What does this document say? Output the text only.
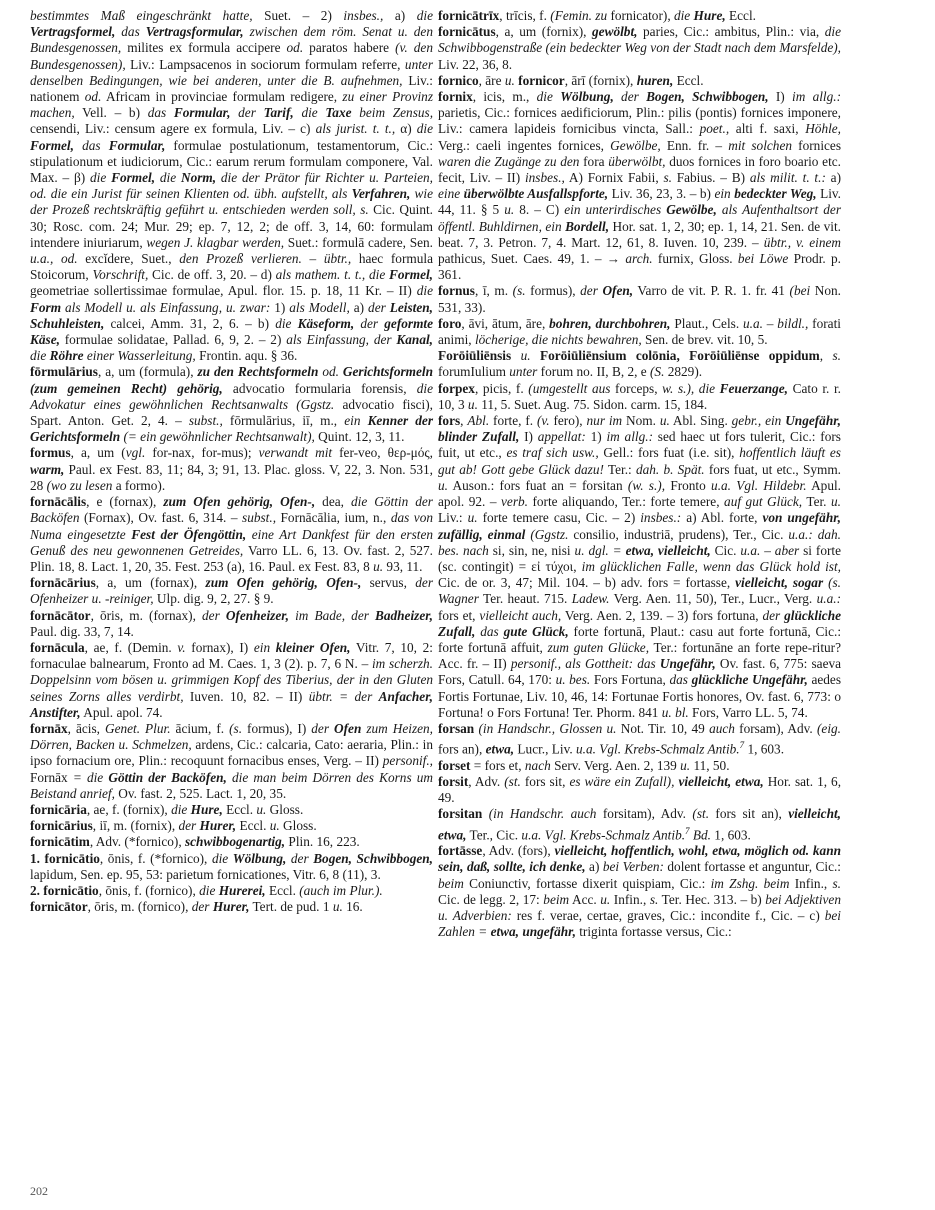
bestimmtes Maß eingeschränkt hatte, Suet. – 2) insbes., a) die Vertragsformel, das Vertragsformular, zwischen dem röm. Senat u. den Bundesgenossen, milites ex formula accipere od. paratos habere (v. den Bundesgenossen), Liv.: Lampsacenos in sociorum formulam referre, unter denselben Bedingungen, wie bei anderen, unter die B. aufnehmen, Liv.: nationem od. Africam in provinciae formulam redigere, zu einer Provinz machen, Vell. – b) das Formular, der Tarif, die Taxe beim Zensus, censendi, Liv.: censum agere ex formula, Liv. – c) als jurist. t. t., α) die Formel, das Formular, formulae postulationum, testamentorum, Cic.: stipulationum et iudiciorum, Cic.: earum rerum formulam componere, Val. Max. – β) die Formel, die Norm, die der Prätor für Richter u. Parteien, od. die ein Jurist für seinen Klienten od. übh. aufstellt, als Verfahren, wie der Prozeß rechtskräftig geführt u. entschieden werden soll, s. Cic. Quint. 30; Rosc. com. 24; Mur. 29; ep. 7, 12, 2; de off. 3, 14, 60: formulam intendere iniuriarum, wegen J. klagbar werden, Suet.: formulā cadere, Sen. u.a., od. excĭdere, Suet., den Prozeß verlieren. – übtr., haec formula Stoicorum, Vorschrift, Cic. de off. 3, 20. – d) als mathem. t. t., die Formel, geometriae sollertissimae formulae, Apul. flor. 15. p. 18, 11 Kr. – II) die Form als Modell u. als Einfassung, u. zwar: 1) als Modell, a) der Leisten, Schuhleisten, calcei, Amm. 31, 2, 6. – b) die Käseform, der geformte Käse, formulae solidatae, Pallad. 6, 9, 2. – 2) als Einfassung, der Kanal, die Röhre einer Wasserleitung, Frontin. aqu. § 36.

fōrmulārius, a, um (formula), zu den Rechtsformeln od. Gerichtsformeln (zum gemeinen Recht) gehörig, advocatio formularia forensis, die Advokatur eines gewöhnlichen Rechtsanwalts (Ggstz. advocatio fisci), Spart. Anton. Get. 2, 4. – subst., fōrmulārius, iī, m., ein Kenner der Gerichtsformeln (= ein gewöhnlicher Rechtsanwalt), Quint. 12, 3, 11.

formus, a, um (vgl. for-nax, for-mus); verwandt mit fer-veo, θερ-μός, warm, Paul. ex Fest. 83, 11; 84, 3; 91, 13. Plac. gloss. V, 22, 3. Non. 531, 28 (wo zu lesen a formo).

fornācālis, e (fornax), zum Ofen gehörig, Ofen-, dea, die Göttin der Backöfen (Fornax), Ov. fast. 6, 314. – subst., Fornācālia, ium, n., das von Numa eingesetzte Fest der Öfengöttin, eine Art Dankfest für den ersten Genuß des neu gewonnenen Getreides, Varro LL. 6, 13. Ov. fast. 2, 527. Plin. 18, 8. Lact. 1, 20, 35. Fest. 253 (a), 16. Paul. ex Fest. 83, 8 u. 93, 11.

fornācārius, a, um (fornax), zum Ofen gehörig, Ofen-, servus, der Ofenheizer u. -reiniger, Ulp. dig. 9, 2, 27. § 9.

fornācātor, ōris, m. (fornax), der Ofenheizer, im Bade, der Badheizer, Paul. dig. 33, 7, 14.

fornācula, ae, f. (Demin. v. fornax), I) ein kleiner Ofen, Vitr. 7, 10, 2: fornaculae balnearum, Fronto ad M. Caes. 1, 3 (2). p. 7, 6 N. – im scherzh. Doppelsinn vom bösen u. grimmigen Kopf des Tiberius, der in den Gluten seines Zorns alles verdirbt, Iuven. 10, 82. – II) übtr. = der Anfacher, Anstifter, Apul. apol. 74.

fornāx, ācis, Genet. Plur. ācium, f. (s. formus), I) der Ofen zum Heizen, Dörren, Backen u. Schmelzen, ardens, Cic.: calcaria, Cato: aeraria, Plin.: in ipso fornacium ore, Plin.: recoquunt fornacibus enses, Verg. – II) personif., Fornāx = die Göttin der Backöfen, die man beim Dörren des Korns um Beistand anrief, Ov. fast. 2, 525. Lact. 1, 20, 35.

fornicāria, ae, f. (fornix), die Hure, Eccl. u. Gloss.

fornicārius, iī, m. (fornix), der Hurer, Eccl. u. Gloss.

fornicātim, Adv. (*fornico), schwibbogenartig, Plin. 16, 223.

1. fornicātio, ōnis, f. (*fornico), die Wölbung, der Bogen, Schwibbogen, lapidum, Sen. ep. 95, 53: parietum fornicationes, Vitr. 6, 8 (11), 3.

2. fornicātio, ōnis, f. (fornico), die Hurerei, Eccl. (auch im Plur.).

fornicātor, ōris, m. (fornico), der Hurer, Tert. de pud. 1 u. 16.

fornicātrīx, trīcis, f. (Femin. zu fornicator), die Hure, Eccl.

fornicātus, a, um (fornix), gewölbt, paries, Cic.: ambitus, Plin.: via, die Schwibbogenstraße (ein bedeckter Weg von der Stadt nach dem Marsfelde), Liv. 22, 36, 8.

fornico, āre u. fornicor, ārī (fornix), huren, Eccl.

fornix, icis, m., die Wölbung, der Bogen, Schwibbogen, I) im allg.: parietis, Cic.: fornices aedificiorum, Plin.: pilis (pontis) fornices imponere, Liv.: camera lapideis fornicibus vincta, Sall.: poet., alti f. saxi, Höhle, Verg.: caeli ingentes fornices, Gewölbe, Enn. fr. – mit solchen fornices waren die Zugänge zu den fora überwölbt, duos fornices in foro boario etc. fecit, Liv. – II) insbes., A) Fornix Fabii, s. Fabius. – B) als milit. t. t.: a) eine überwölbte Ausfallspforte, Liv. 36, 23, 3. – b) ein bedeckter Weg, Liv. 44, 11. § 5 u. 8. – C) ein unterirdisches Gewölbe, als Aufenthaltsort der öffentl. Buhldirnen, ein Bordell, Hor. sat. 1, 2, 30; ep. 1, 14, 21. Sen. de vit. beat. 7, 3. Petron. 7, 4. Mart. 12, 61, 8. Iuven. 10, 239. – übtr., v. einem pathicus, Suet. Caes. 49, 1. – → arch. furnix, Gloss. bei Löwe Prodr. p. 361.

fornus, ī, m. (s. formus), der Ofen, Varro de vit. P. R. 1. fr. 41 (bei Non. 531, 33).

foro, āvi, ātum, āre, bohren, durchbohren, Plaut., Cels. u.a. – bildl., forati animi, löcherige, die nichts bewahren, Sen. de brev. vit. 10, 5.

Forōiūliēnsis u. Forōiūliēnsium colōnia, Forōiūliēnse oppidum, s. forumIulium unter forum no. II, B, 2, e (S. 2829).

forpex, picis, f. (umgestellt aus forceps, w. s.), die Feuerzange, Cato r. r. 10, 3 u. 11, 5. Suet. Aug. 75. Sidon. carm. 15, 184.

fors, Abl. forte, f. (v. fero), nur im Nom. u. Abl. Sing. gebr., ein Ungefähr, blinder Zufall, I) appellat: 1) im allg.: sed haec ut fors tulerit, Cic.: fors fuit, ut etc., es traf sich usw., Gell.: fors fuat (i.e. sit), hoffentlich läuft es gut ab! Gott gebe Glück dazu! Ter.: dah. b. Spät. fors fuat, ut etc., Symm. u. Auson.: fors fuat an = forsitan (w. s.), Fronto u.a. Vgl. Hildebr. Apul. apol. 92. – verb. forte aliquando, Ter.: forte temere, auf gut Glück, Ter. u. Liv.: u. forte temere casu, Cic. – 2) insbes.: a) Abl. forte, von ungefähr, zufällig, einmal (Ggstz. consilio, industriā, prudens), Ter., Cic. u.a.: dah. bes. nach si, sin, ne, nisi u. dgl. = etwa, vielleicht, Cic. u.a. – aber si forte (sc. contingit) = εἰ τύχοι, im glücklichen Falle, wenn das Glück hold ist, Cic. de or. 3, 47; Mil. 104. – b) adv. fors = fortasse, vielleicht, sogar (s. Wagner Ter. heaut. 715. Ladew. Verg. Aen. 11, 50), Ter., Lucr., Verg. u.a.: fors et, vielleicht auch, Verg. Aen. 2, 139. – 3) fors fortuna, der glückliche Zufall, das gute Glück, forte fortunā, Plaut.: casu aut forte fortunā, Cic.: forte fortunā affuit, zum guten Glücke, Ter.: fortunāne an forte repe-ritur? Acc. fr. – II) personif., als Gottheit: das Ungefähr, Ov. fast. 6, 775: saeva Fors, Catull. 64, 170: u. bes. Fors Fortuna, das glückliche Ungefähr, aedes Fortis Fortunae, Liv. 10, 46, 14: Fortunae Fortis honores, Ov. fast. 6, 773: o Fortuna! o Fors Fortuna! Ter. Phorm. 841 u. bl. Fors, Varro LL. 5, 74.

forsan (in Handschr., Glossen u. Not. Tir. 10, 49 auch forsam), Adv. (eig. fors an), etwa, Lucr., Liv. u.a. Vgl. Krebs-Schmalz Antib.$^7$ 1, 603.

forset = fors et, nach Serv. Verg. Aen. 2, 139 u. 11, 50.

forsit, Adv. (st. fors sit, es wäre ein Zufall), vielleicht, etwa, Hor. sat. 1, 6, 49.

forsitan (in Handschr. auch forsitam), Adv. (st. fors sit an), vielleicht, etwa, Ter., Cic. u.a. Vgl. Krebs-Schmalz Antib.$^7$ Bd. 1, 603.

fortāsse, Adv. (fors), vielleicht, hoffentlich, wohl, etwa, möglich od. kann sein, daß, sollte, ich denke, a) bei Verben: dolent fortasse et anguntur, Cic.: beim Coniunctiv, fortasse dixerit quispiam, Cic.: im Zshg. beim Infin., s. Cic. de legg. 2, 17: beim Acc. u. Infin., s. Ter. Hec. 313. – b) bei Adjektiven u. Adverbien: res f. verae, certae, graves, Cic.: incondite f., Cic. – c) bei Zahlen = etwa, ungefähr, triginta fortasse versus, Cic.:

202
